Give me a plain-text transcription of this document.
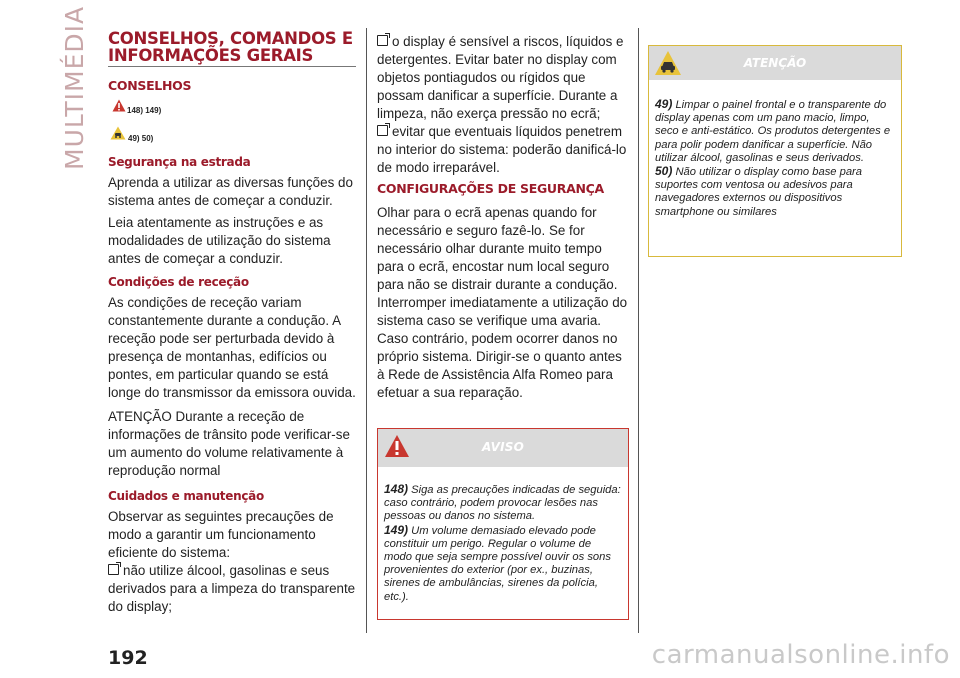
MULTIMÉDIA CONSELHOS, COMANDOS E INFORMAÇÕES GERAIS
CONSELHOS
148) 149)
49) 50)
Segurança na estrada

Aprenda a utilizar as diversas funções do sistema antes de começar a conduzir.

Leia atentamente as instruções e as modalidades de utilização do sistema antes de começar a conduzir.

Condições de receção

As condições de receção variam constantemente durante a condução. A receção pode ser perturbada devido à presença de montanhas, edifícios ou pontes, em particular quando se está longe do transmissor da emissora ouvida.

ATENÇÃO Durante a receção de informações de trânsito pode verificar-se um aumento do volume relativamente à reprodução normal

Cuidados e manutenção

Observar as seguintes precauções de modo a garantir um funcionamento eficiente do sistema:

não utilize álcool, gasolinas e seus derivados para a limpeza do transparente do display;

o display é sensível a riscos, líquidos e detergentes. Evitar bater no display com objetos pontiagudos ou rígidos que possam danificar a superfície. Durante a limpeza, não exerça pressão no ecrã;

evitar que eventuais líquidos penetrem no interior do sistema: poderão danificá-lo de modo irreparável.

CONFIGURAÇÕES DE SEGURANÇA

Olhar para o ecrã apenas quando for necessário e seguro fazê-lo. Se for necessário olhar durante muito tempo para o ecrã, encostar num local seguro para não se distrair durante a condução.

Interromper imediatamente a utilização do sistema caso se verifique uma avaria. Caso contrário, podem ocorrer danos no próprio sistema. Dirigir-se o quanto antes à Rede de Assistência Alfa Romeo para efetuar a sua reparação.

AVISO
148) Siga as precauções indicadas de seguida: caso contrário, podem provocar lesões nas pessoas ou danos no sistema.
149) Um volume demasiado elevado pode constituir um perigo. Regular o volume de modo que seja sempre possível ouvir os sons provenientes do exterior (por ex., buzinas, sirenes de ambulâncias, sirenes da polícia, etc.).
ATENÇÃO
49) Limpar o painel frontal e o transparente do display apenas com um pano macio, limpo, seco e anti-estático. Os produtos detergentes e para polir podem danificar a superfície. Não utilizar álcool, gasolinas e seus derivados.
50) Não utilizar o display como base para suportes com ventosa ou adesivos para navegadores externos ou dispositivos smartphone ou similares
192	carmanualsonline.info
